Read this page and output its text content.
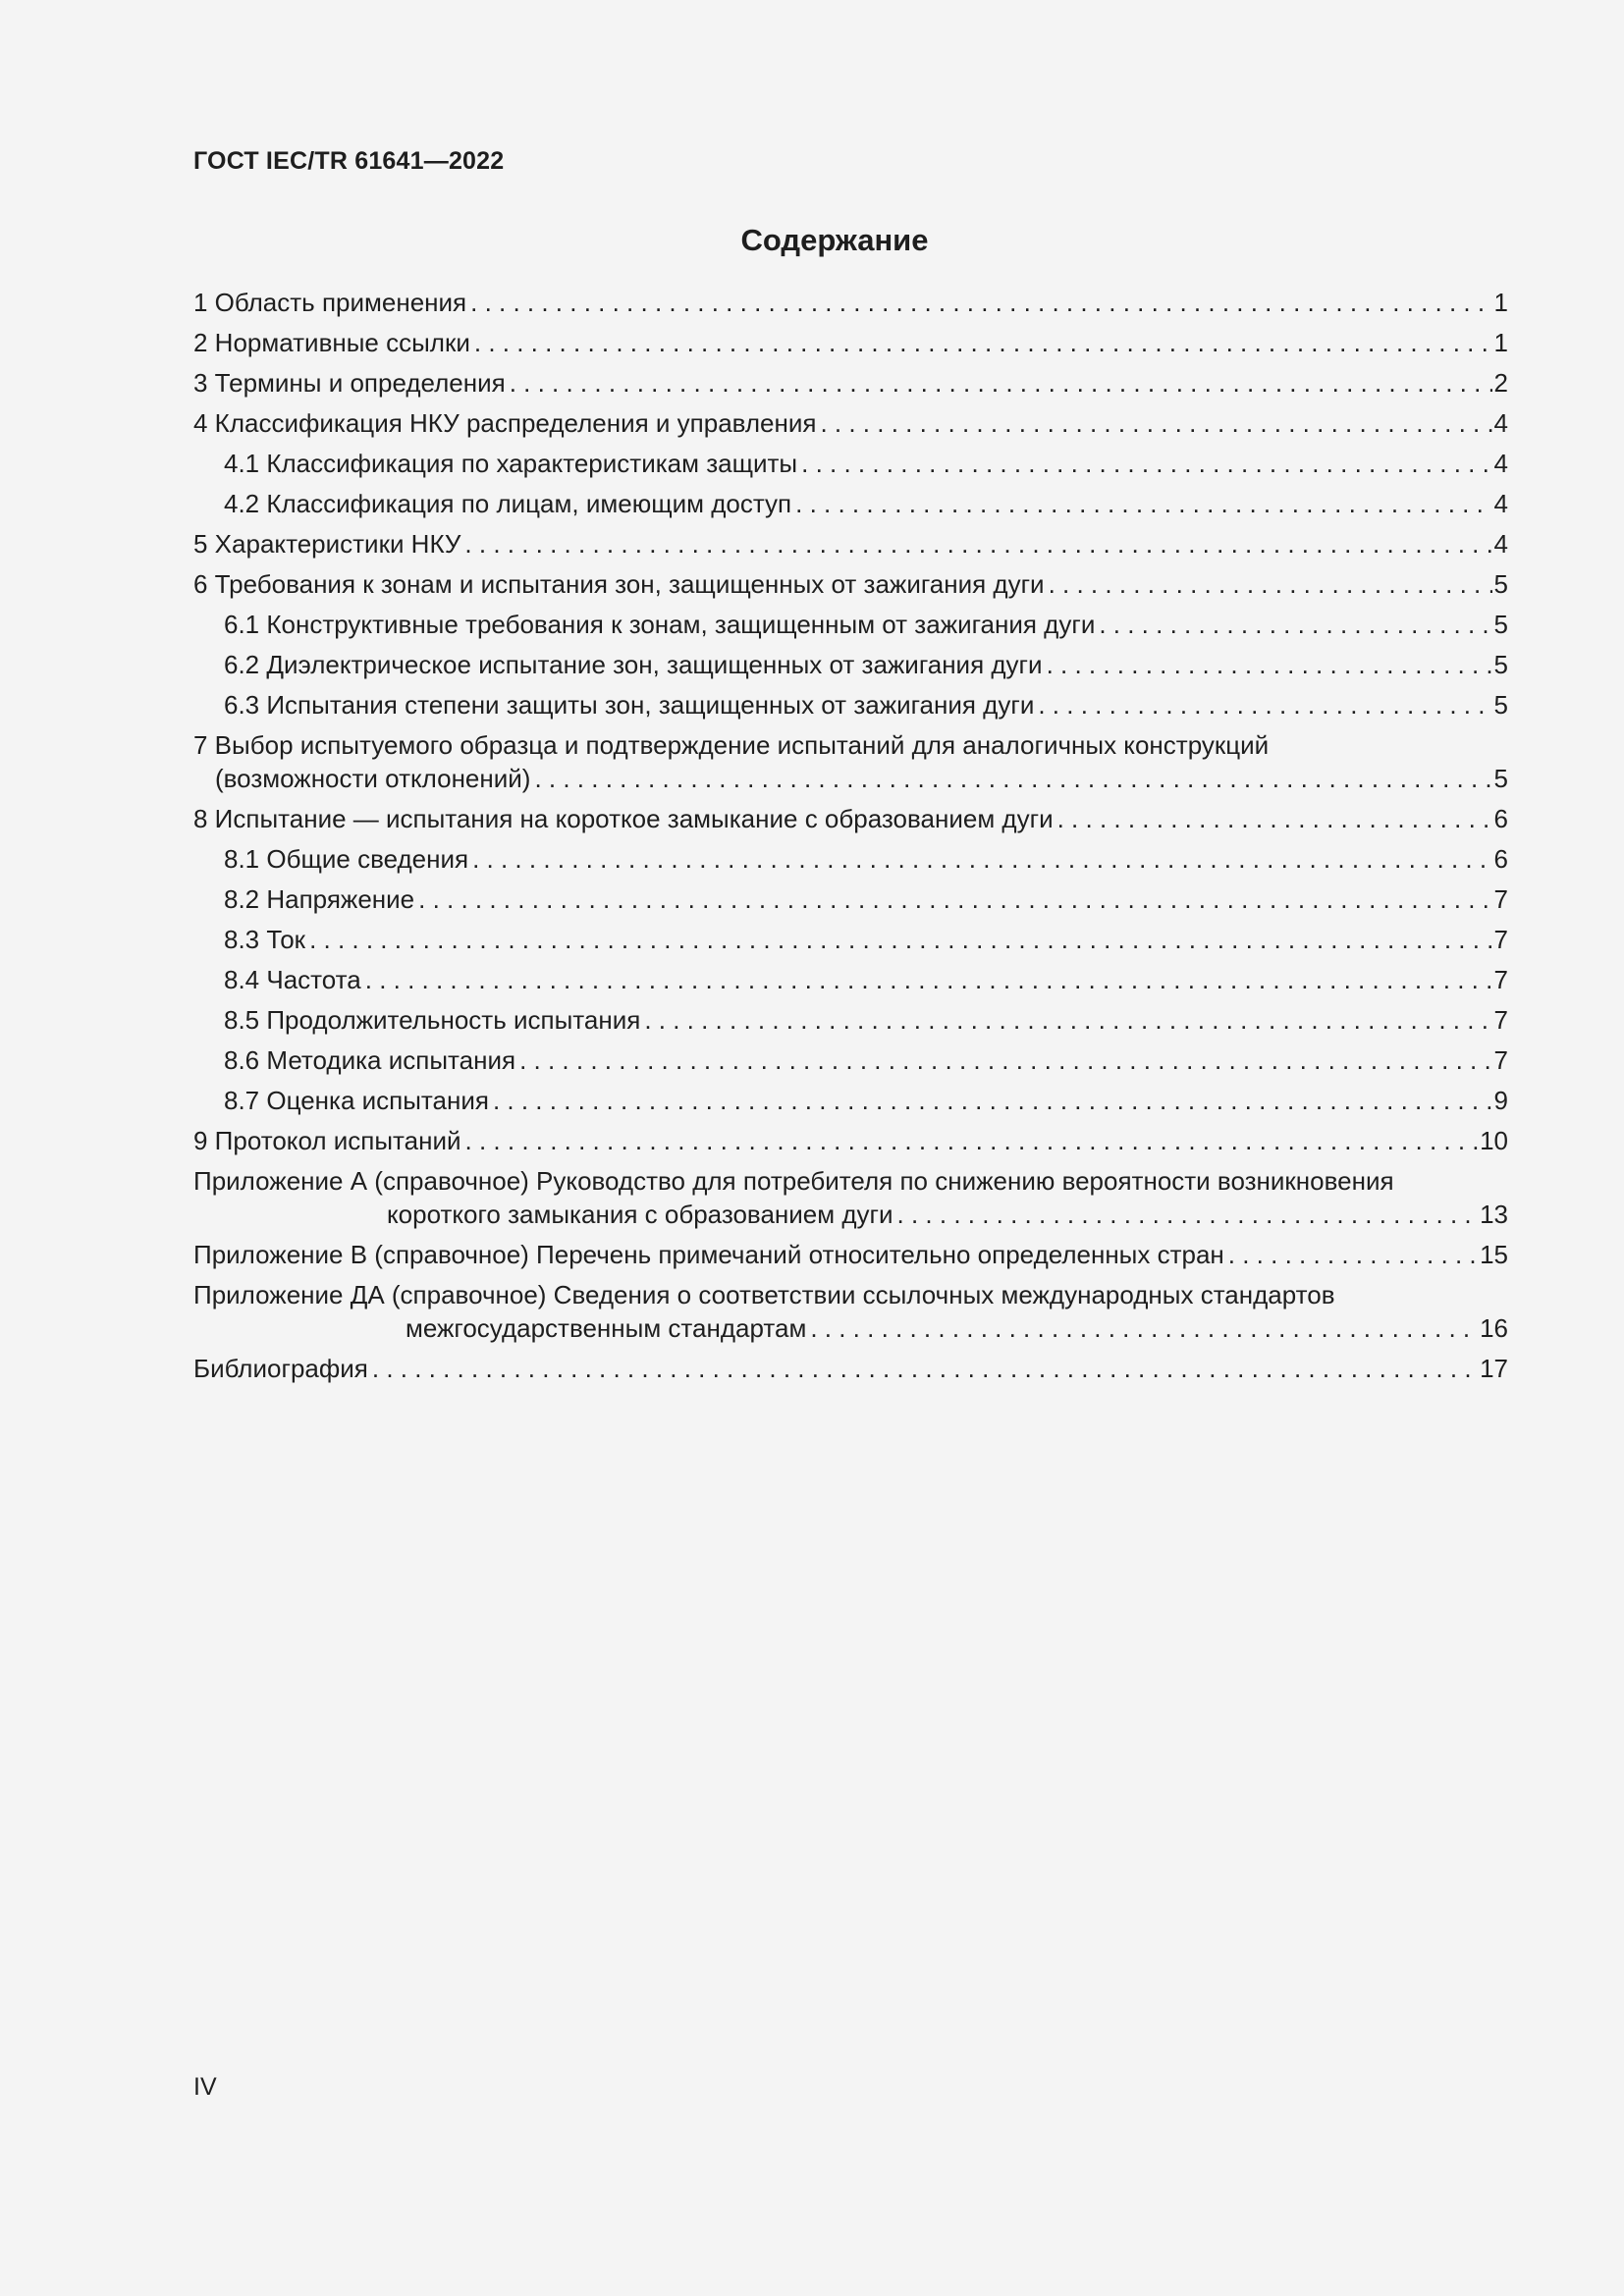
ГОСТ IEC/TR 61641—2022
Содержание
1 Область применения . . .	1
2 Нормативные ссылки . . .	1
3 Термины и определения . . .	2
4 Классификация НКУ распределения и управления . . .	4
4.1 Классификация по характеристикам защиты . . .	4
4.2 Классификация по лицам, имеющим доступ . . .	4
5 Характеристики НКУ . . .	4
6 Требования к зонам и испытания зон, защищенных от зажигания дуги . . .	5
6.1 Конструктивные требования к зонам, защищенным от зажигания дуги . . .	5
6.2 Диэлектрическое испытание зон, защищенных от зажигания дуги . . .	5
6.3 Испытания степени защиты зон, защищенных от зажигания дуги . . .	5
7 Выбор испытуемого образца и подтверждение испытаний для аналогичных конструкций
(возможности отклонений) . . .	5
8 Испытание — испытания на короткое замыкание с образованием дуги . . .	6
8.1 Общие сведения . . .	6
8.2 Напряжение . . .	7
8.3 Ток . . .	7
8.4 Частота . . .	7
8.5 Продолжительность испытания . . .	7
8.6 Методика испытания . . .	7
8.7 Оценка испытания . . .	9
9 Протокол испытаний . . .	10
Приложение А (справочное) Руководство для потребителя по снижению вероятности возникновения
короткого замыкания с образованием дуги . . .	13
Приложение В (справочное) Перечень примечаний относительно определенных стран . . .	15
Приложение ДА (справочное) Сведения о соответствии ссылочных международных стандартов
межгосударственным стандартам . . .	16
Библиография . . .	17
IV
